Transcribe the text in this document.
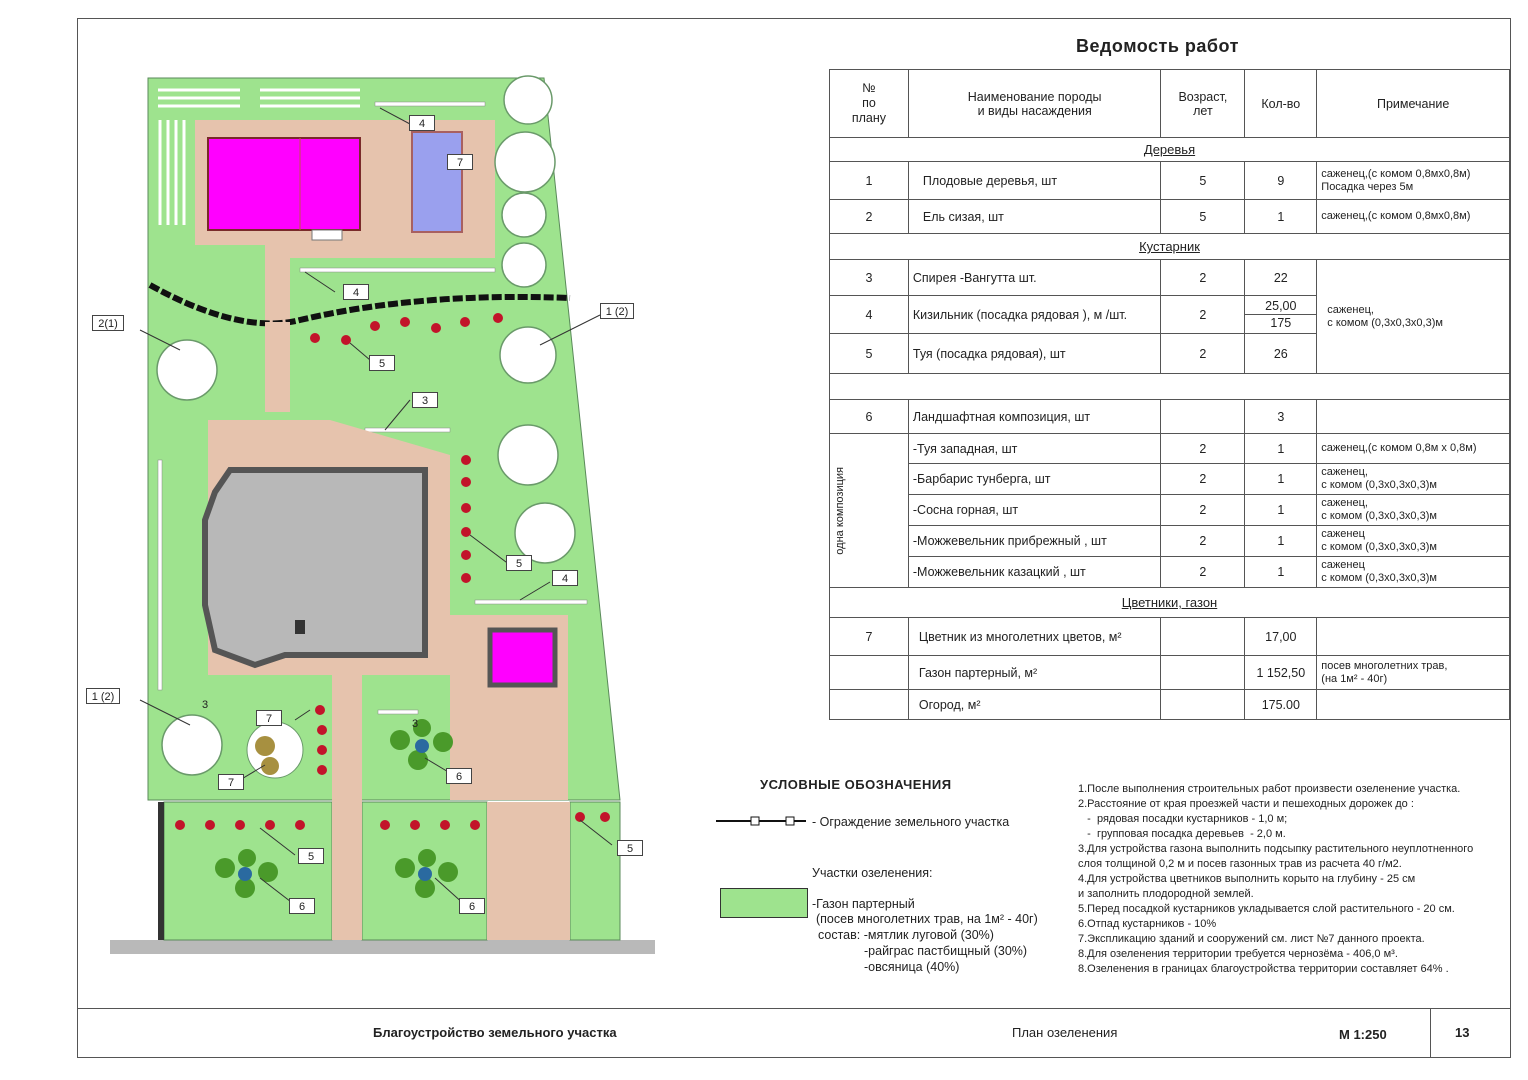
4
7
4
2(1)
1 (2)
5
3
5
4
1 (2)
3
7	3
7	6
5
5
6	6
Ведомость работ
№
по
плану	Наименование породы
и виды насаждения	Возраст,
лет	Кол-во	Примечание
Деревья				
1	Плодовые деревья, шт	5	9	саженец,(с комом 0,8мх0,8м)
Посадка через 5м
2	Ель сизая, шт	5	1	саженец,(с комом 0,8мх0,8м)
Кустарник				
3	Спирея -Вангутта шт.	2	22	саженец,
с комом (0,3х0,3х0,3)м
4	Кизильник (посадка рядовая ), м /шт.	2	25,00
175	

5	Туя (посадка рядовая), шт	2	26	

6	Ландшафтная композиция, шт		3	

одна композиция	-Туя западная, шт	2	1	саженец,(с комом 0,8м х 0,8м)
	-Барбарис тунберга, шт	2	1	саженец,
с комом (0,3х0,3х0,3)м
	-Сосна горная, шт	2	1	саженец,
с комом (0,3х0,3х0,3)м
	-Можжевельник прибрежный , шт	2	1	саженец
с комом (0,3х0,3х0,3)м
	-Можжевельник казацкий , шт	2	1	саженец
с комом (0,3х0,3х0,3)м
Цветники, газон				
7	Цветник из многолетних цветов, м²		17,00	
	Газон партерный, м²		1 152,50	посев многолетних трав,
(на 1м² - 40г)
	Огород, м²		175.00	
УСЛОВНЫЕ ОБОЗНАЧЕНИЯ
- Ограждение земельного участка
Участки озеленения:
-Газон партерный
(посев многолетних трав, на 1м² - 40г)
состав: -мятлик луговой (30%)
-райграс пастбищный (30%)
-овсяница (40%)
1.После выполнения строительных работ произвести озеленение участка.
2.Расстояние от края проезжей части и пешеходных дорожек до :
-  рядовая посадки кустарников - 1,0 м;
-  групповая посадка деревьев  - 2,0 м.
3.Для устройства газона выполнить подсыпку растительного неуплотненного
слоя толщиной 0,2 м и посев газонных трав из расчета 40 г/м2.
4.Для устройства цветников выполнить корыто на глубину - 25 см
и заполнить плодородной землей.
5.Перед посадкой кустарников укладывается слой растительного - 20 см.
6.Отпад кустарников - 10%
7.Экспликацию зданий и сооружений см. лист №7 данного проекта.
8.Для озеленения территории требуется чернозёма - 406,0 м³.
8.Озеленения в границах благоустройства территории составляет 64% .
Благоустройство земельного участка	План озеленения	М 1:250	13
